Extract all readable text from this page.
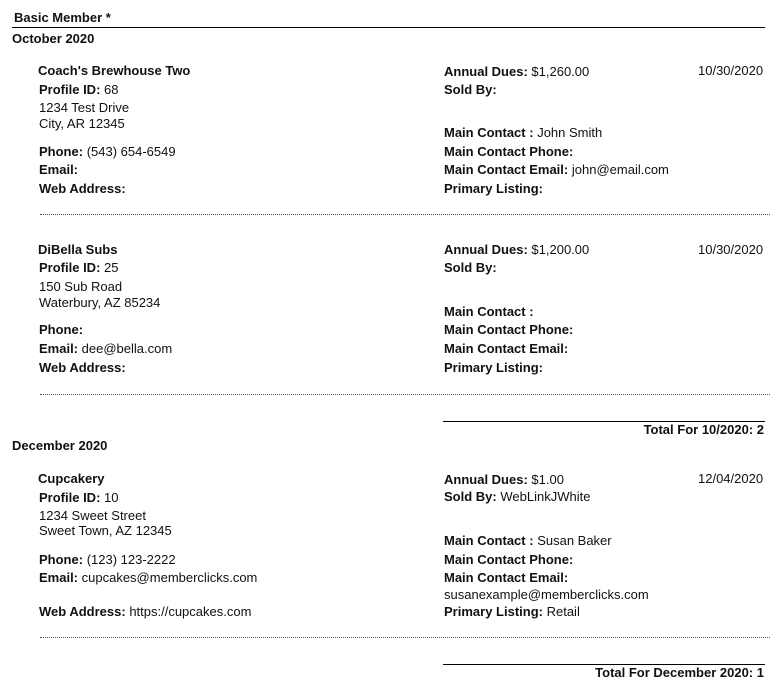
Basic Member *
October 2020
Coach's Brewhouse Two
Profile ID: 68
1234 Test Drive
City, AR 12345
Phone: (543) 654-6549
Email:
Web Address:
Annual Dues: $1,260.00	10/30/2020
Sold By:
Main Contact : John Smith
Main Contact Phone:
Main Contact Email: john@email.com
Primary Listing:
DiBella Subs
Profile ID: 25
150 Sub Road
Waterbury, AZ 85234
Phone:
Email: dee@bella.com
Web Address:
Annual Dues: $1,200.00	10/30/2020
Sold By:
Main Contact :
Main Contact Phone:
Main Contact Email:
Primary Listing:
Total For 10/2020: 2
December 2020
Cupcakery
Profile ID: 10
1234 Sweet Street
Sweet Town, AZ 12345
Phone: (123) 123-2222
Email: cupcakes@memberclicks.com
Web Address: https://cupcakes.com
Annual Dues: $1.00	12/04/2020
Sold By: WebLinkJWhite
Main Contact : Susan Baker
Main Contact Phone:
Main Contact Email:
susanexample@memberclicks.com
Primary Listing: Retail
Total For December 2020: 1
